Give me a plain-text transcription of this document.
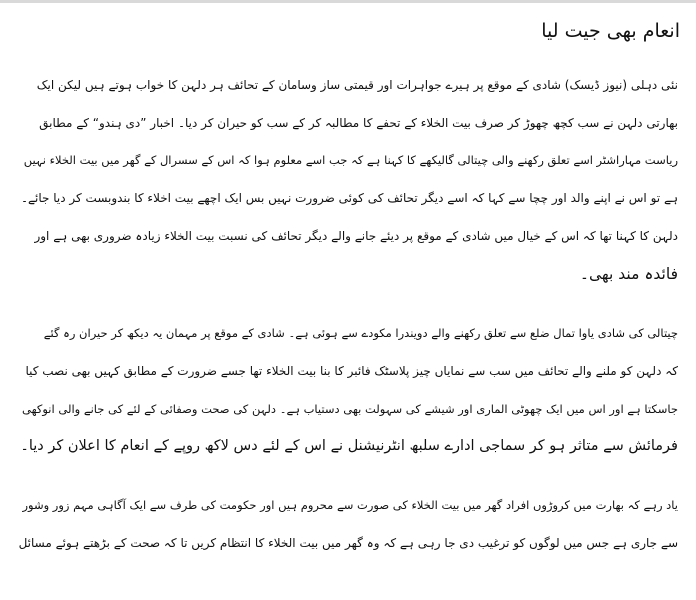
انعام بھی جیت لیا

نئی دہلی (نیوز ڈیسک) شادی کے موقع پر ہیرے جواہرات اور قیمتی ساز وسامان کے تحائف ہر دلہن کا خواب ہوتے ہیں لیکن ایک

بھارتی دلہن نے سب کچھ چھوڑ کر صرف بیت الخلاء کے تحفے کا مطالبہ کر کے سب کو حیران کر دیا۔ اخبار ”دی ہندو“ کے مطابق

ریاست مہاراشٹر اسے تعلق رکھنے والی چیتالی گالیکھے کا کہنا ہے کہ جب اسے معلوم ہوا کہ اس کے سسرال کے گھر میں بیت الخلاء نہیں

ہے تو اس نے اپنے والد اور چچا سے کہا کہ اسے دیگر تحائف کی کوئی ضرورت نہیں بس ایک اچھے بیت اخلاء کا بندوبست کر دیا جائے۔

دلہن کا کہنا تھا کہ اس کے خیال میں شادی کے موقع پر دیئے جانے والے دیگر تحائف کی نسبت بیت الخلاء زیادہ ضروری بھی ہے اور

فائدہ مند بھی۔

چیتالی کی شادی یاوا تمال ضلع سے تعلق رکھنے والے دویندرا مکودے سے ہوئی ہے۔ شادی کے موقع پر مہمان یہ دیکھ کر حیران رہ گئے

کہ دلہن کو ملنے والے تحائف میں سب سے نمایاں چیز پلاسٹک فائبر کا بنا بیت الخلاء تھا جسے ضرورت کے مطابق کہیں بھی نصب کیا

جاسکتا ہے اور اس میں ایک چھوٹی الماری اور شیشے کی سہولت بھی دستیاب ہے۔ دلہن کی صحت وصفائی کے لئے کی جانے والی انوکھی

فرمائش سے متاثر ہو کر سماجی ادارے سلبھ انٹرنیشنل نے اس کے لئے دس لاکھ روپے کے انعام کا اعلان کر دیا۔

یاد رہے کہ بھارت میں کروڑوں افراد گھر میں بیت الخلاء کی صورت سے محروم ہیں اور حکومت کی طرف سے ایک آگاہی مہم زور وشور

سے جاری ہے جس میں لوگوں کو ترغیب دی جا رہی ہے کہ وہ گھر میں بیت الخلاء کا انتظام کریں تا کہ صحت کے بڑھتے ہوئے مسائل
